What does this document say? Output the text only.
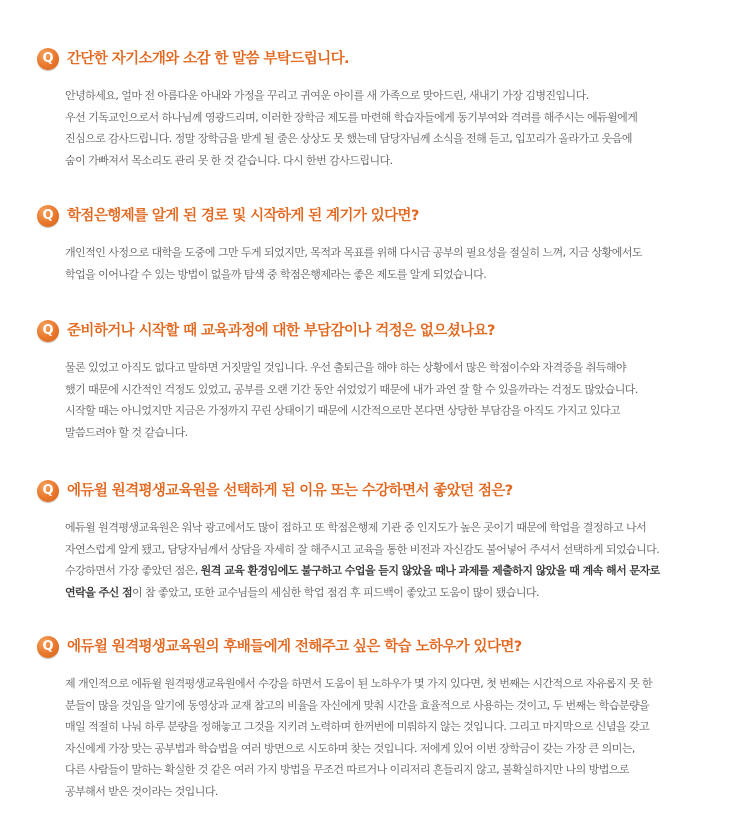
Q 간단한 자기소개와 소감 한 말씀 부탁드립니다.

안녕하세요, 얼마 전 아름다운 아내와 가정을 꾸리고 귀여운 아이를 새 가족으로 맞아드린, 새내기 가장 김병진입니다.

우선 기독교인으로서 하나님께 영광드리며, 이러한 장학금 제도를 마련해 학습자들에게 동기부여와 격려를 해주시는 에듀윌에게

진심으로 감사드립니다. 정말 장학금을 받게 될 줄은 상상도 못 했는데 담당자님께 소식을 전해 듣고, 입꼬리가 올라가고 웃음에

숨이 가빠져서 목소리도 관리 못 한 것 같습니다. 다시 한번 감사드립니다.

Q 학점은행제를 알게 된 경로 및 시작하게 된 계기가 있다면?

개인적인 사정으로 대학을 도중에 그만 두게 되었지만, 목적과 목표를 위해 다시금 공부의 필요성을 절실히 느껴, 지금 상황에서도

학업을 이어나갈 수 있는 방법이 없을까 탐색 중 학점은행제라는 좋은 제도를 알게 되었습니다.

Q 준비하거나 시작할 때 교육과정에 대한 부담감이나 걱정은 없으셨나요?

물론 있었고 아직도 없다고 말하면 거짓말일 것입니다. 우선 출퇴근을 해야 하는 상황에서 많은 학점이수와 자격증을 취득해야

했기 때문에 시간적인 걱정도 있었고, 공부를 오랜 기간 동안 쉬었었기 때문에 내가 과연 잘 할 수 있을까라는 걱정도 많았습니다.

시작할 때는 아니었지만 지금은 가정까지 꾸린 상태이기 때문에 시간적으로만 본다면 상당한 부담감을 아직도 가지고 있다고

말씀드려야 할 것 같습니다.

Q 에듀윌 원격평생교육원을 선택하게 된 이유 또는 수강하면서 좋았던 점은?

에듀윌 원격평생교육원은 워낙 광고에서도 많이 접하고 또 학점은행제 기관 중 인지도가 높은 곳이기 때문에 학업을 결정하고 나서

자연스럽게 알게 됐고, 담당자님께서 상담을 자세히 잘 해주시고 교육을 통한 비전과 자신감도 불어넣어 주셔서 선택하게 되었습니다.

수강하면서 가장 좋았던 점은, 원격 교육 환경임에도 불구하고 수업을 듣지 않았을 때나 과제를 제출하지 않았을 때 계속 해서 문자로

연락을 주신 점이 참 좋았고, 또한 교수님들의 세심한 학업 점검 후 피드백이 좋았고 도움이 많이 됐습니다.

Q 에듀윌 원격평생교육원의 후배들에게 전해주고 싶은 학습 노하우가 있다면?

제 개인적으로 에듀윌 원격평생교육원에서 수강을 하면서 도움이 된 노하우가 몇 가지 있다면, 첫 번째는 시간적으로 자유롭지 못 한

분들이 많을 것임을 알기에 동영상과 교재 참고의 비율을 자신에게 맞춰 시간을 효율적으로 사용하는 것이고, 두 번째는 학습분량을

매일 적절히 나눠 하루 분량을 정해놓고 그것을 지키려 노력하며 한꺼번에 미뤄하지 않는 것입니다. 그리고 마지막으로 신념을 갖고

자신에게 가장 맞는 공부법과 학습법을 여러 방면으로 시도하며 찾는 것입니다. 저에게 있어 이번 장학금이 갖는 가장 큰 의미는,

다른 사람들이 말하는 확실한 것 같은 여러 가지 방법을 무조건 따르거나 이리저리 흔들리지 않고, 불확실하지만 나의 방법으로

공부해서 받은 것이라는 것입니다.
